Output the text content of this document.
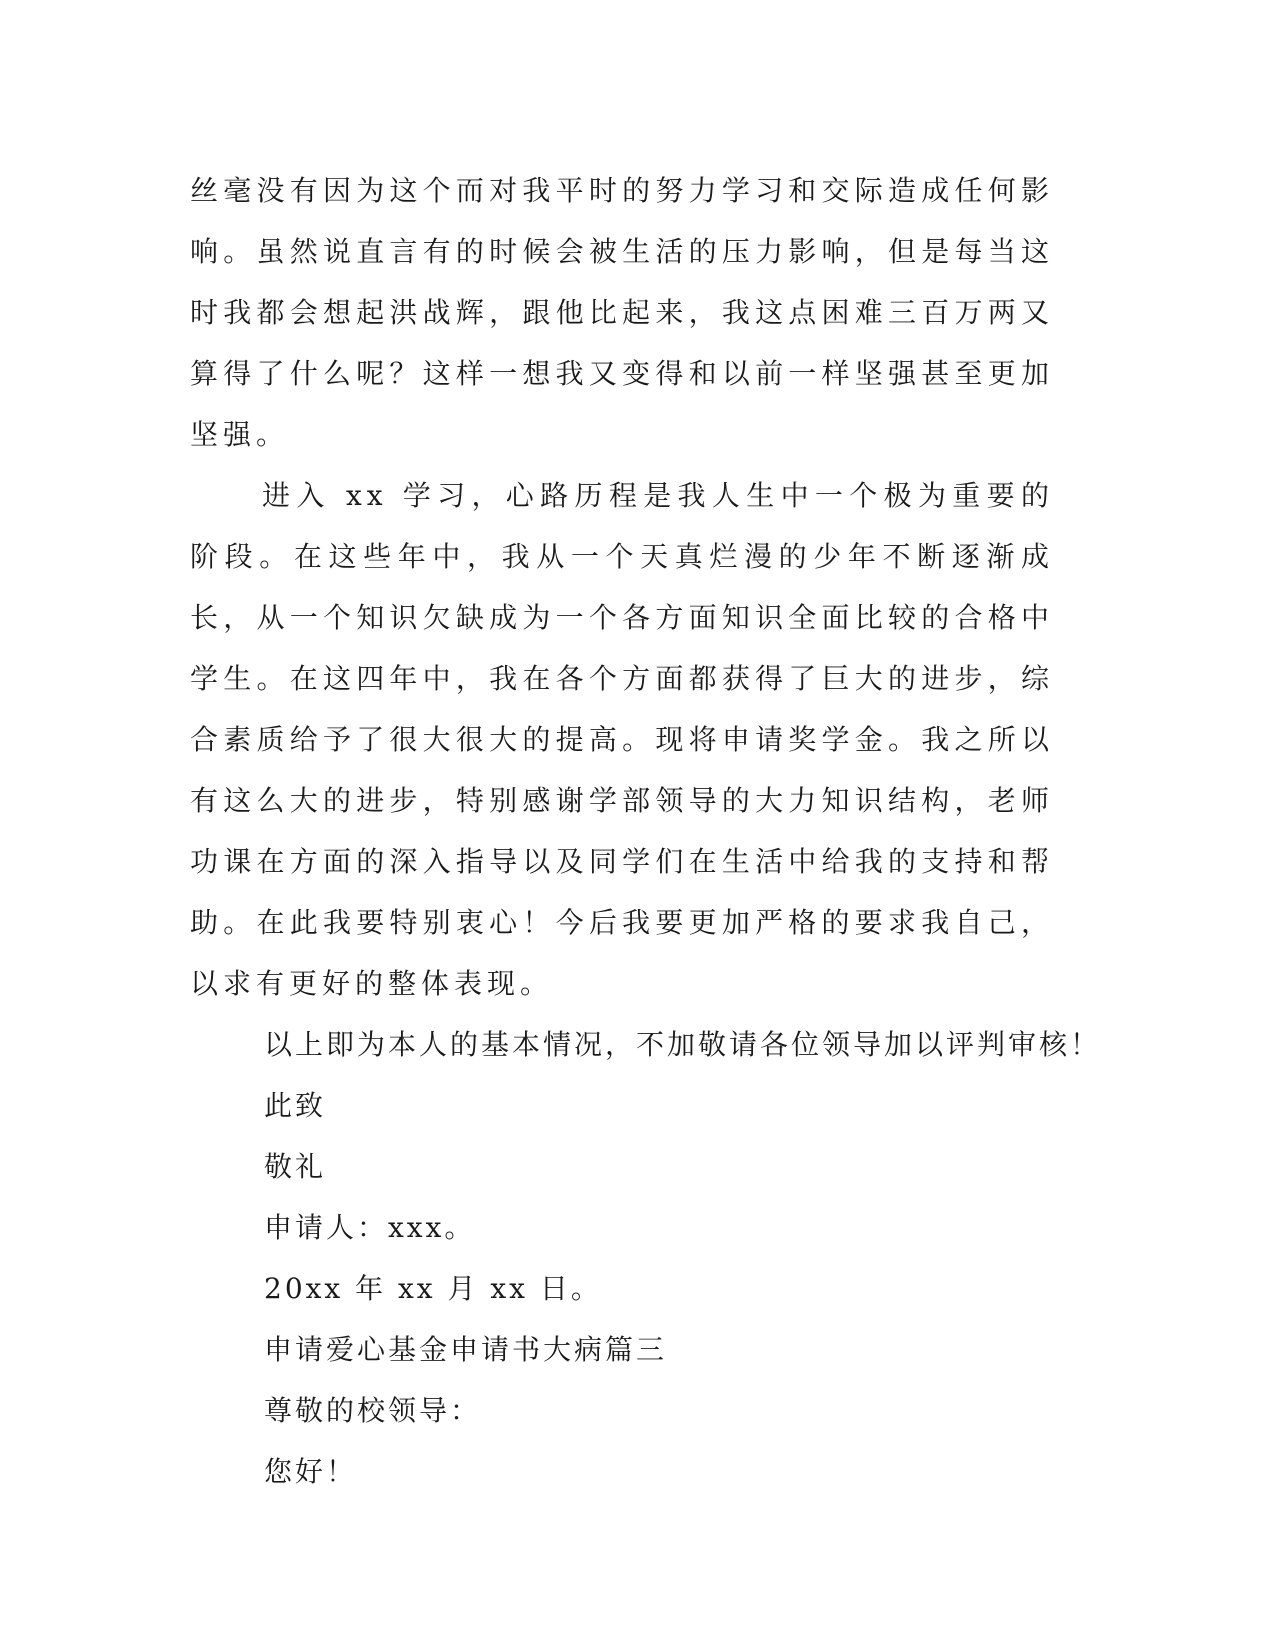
丝毫没有因为这个而对我平时的努力学习和交际造成任何影响。虽然说直言有的时候会被生活的压力影响，但是每当这时我都会想起洪战辉，跟他比起来，我这点困难三百万两又算得了什么呢？这样一想我又变得和以前一样坚强甚至更加坚强。

进入 xx 学习，心路历程是我人生中一个极为重要的阶段。在这些年中，我从一个天真烂漫的少年不断逐渐成长，从一个知识欠缺成为一个各方面知识全面比较的合格中学生。在这四年中，我在各个方面都获得了巨大的进步，综合素质给予了很大很大的提高。现将申请奖学金。我之所以有这么大的进步，特别感谢学部领导的大力知识结构，老师功课在方面的深入指导以及同学们在生活中给我的支持和帮助。在此我要特别衷心！今后我要更加严格的要求我自己，以求有更好的整体表现。

以上即为本人的基本情况，不加敬请各位领导加以评判审核！

此致

敬礼

申请人：xxx。

20xx 年 xx 月 xx 日。

申请爱心基金申请书大病篇三

尊敬的校领导：

您好！
